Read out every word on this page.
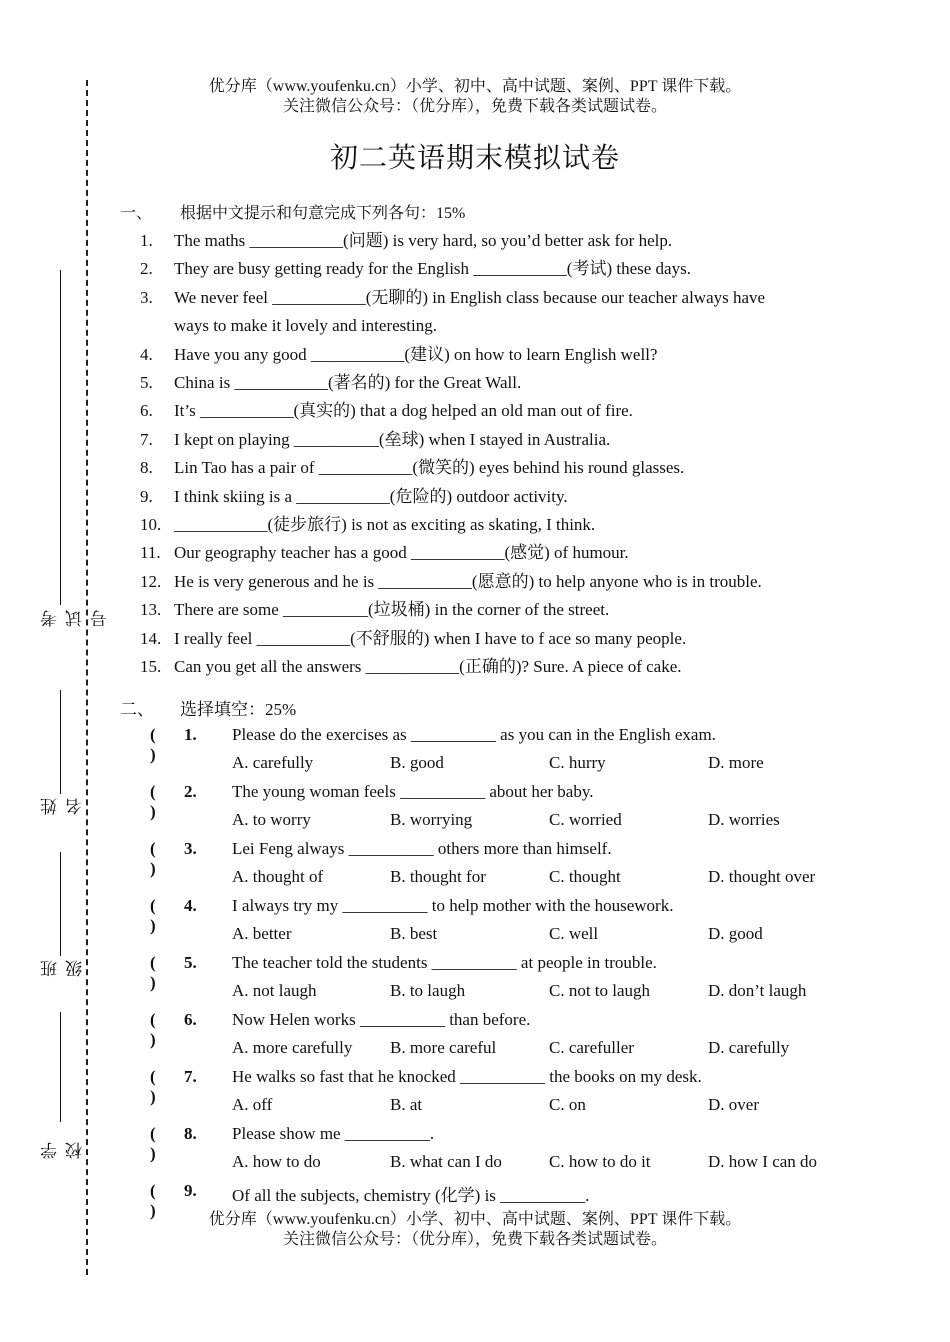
优分库（www.youfenku.cn）小学、初中、高中试题、案例、PPT 课件下载。
关注微信公众号：（优分库），免费下载各类试题试卷。
初二英语期末模拟试卷
考试号
姓名
班级
学校
一、 根据中文提示和句意完成下列各句：15%
1.	The maths ___________(问题) is very hard, so you’d better ask for help.
2.	They are busy getting ready for the English ___________(考试) these days.
3.	We never feel ___________(无聊的) in English class because our teacher always have
ways to make it lovely and interesting.
4.	Have you any good ___________(建议) on how to learn English well?
5.	China is ___________(著名的) for the Great Wall.
6.	It’s ___________(真实的) that a dog helped an old man out of fire.
7.	I kept on playing __________(垒球) when I stayed in Australia.
8.	Lin Tao has a pair of ___________(微笑的) eyes behind his round glasses.
9.	I think skiing is a ___________(危险的) outdoor activity.
10. ___________(徒步旅行) is not as exciting as skating, I think.
11. Our geography teacher has a good ___________(感觉) of humour.
12. He is very generous and he is ___________(愿意的) to help anyone who is in trouble.
13. There are some __________(垃圾桶) in the corner of the street.
14. I really feel ___________(不舒服的) when I have to f ace so many people.
15. Can you get all the answers ___________(正确的)? Sure. A piece of cake.
二、 选择填空：25%
( )
1. Please do the exercises as __________ as you can in the English exam.
A. carefully	B. good	C. hurry	D. more
( )
2. The young woman feels __________ about her baby.
A. to worry	B. worrying	C. worried	D. worries
( )
3. Lei Feng always __________ others more than himself.
A. thought of	B. thought for	C. thought	D. thought over
( )
4. I always try my __________ to help mother with the housework.
A. better	B. best	C. well	D. good
( )
5. The teacher told the students __________ at people in trouble.
A. not laugh	B. to laugh	C. not to laugh	D. don’t laugh
( )
6. Now Helen works __________ than before.
A. more carefully B. more careful	C. carefuller	D. carefully
( )
7. He walks so fast that he knocked __________ the books on my desk.
A. off	B. at	C. on	D. over
( )
8. Please show me __________.
A. how to do	B. what can I do	C. how to do it	D. how I can do
( )
9. Of all the subjects, chemistry (化学) is __________.
优分库（www.youfenku.cn）小学、初中、高中试题、案例、PPT 课件下载。
关注微信公众号：（优分库），免费下载各类试题试卷。
